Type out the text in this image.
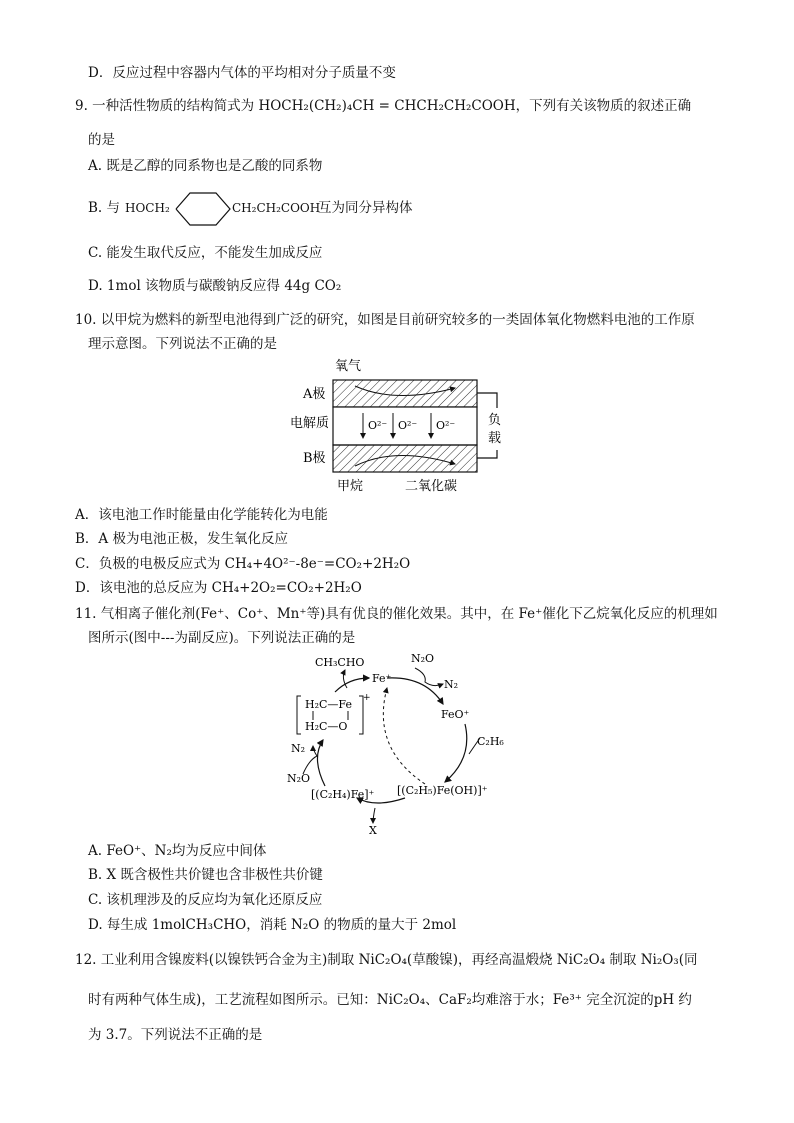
D．反应过程中容器内气体的平均相对分子质量不变
9. 一种活性物质的结构简式为 HOCH₂(CH₂)₄CH = CHCH₂CH₂COOH，下列有关该物质的叙述正确
的是
A. 既是乙醇的同系物也是乙酸的同系物
B. 与 HOCH₂	CH₂CH₂COOH
互为同分异构体
C. 能发生取代反应，不能发生加成反应
D. 1mol 该物质与碳酸钠反应得 44g CO₂
10. 以甲烷为燃料的新型电池得到广泛的研究，如图是目前研究较多的一类固体氧化物燃料电池的工作原
理示意图。下列说法不正确的是
氧气
A极
电解质
B极
O²⁻ O²⁻ O²⁻	负
载
甲烷	二氧化碳
A．该电池工作时能量由化学能转化为电能
B．A 极为电池正极，发生氧化反应
C．负极的电极反应式为 CH₄+4O²⁻-8e⁻=CO₂+2H₂O
D．该电池的总反应为 CH₄+2O₂=CO₂+2H₂O
11. 气相离子催化剂(Fe⁺、Co⁺、Mn⁺等)具有优良的催化效果。其中，在 Fe⁺催化下乙烷氧化反应的机理如
图所示(图中---为副反应)。下列说法正确的是
CH₃CHO
Fe⁺
N₂O
N₂
FeO⁺
C₂H₆
[(C₂H₅)Fe(OH)]⁺
[(C₂H₄)Fe]⁺
X
N₂O
N₂
H₂C—Fe
H₂C—O
+
A. FeO⁺、N₂均为反应中间体
B. X 既含极性共价键也含非极性共价键
C. 该机理涉及的反应均为氧化还原反应
D. 每生成 1molCH₃CHO，消耗 N₂O 的物质的量大于 2mol
12. 工业利用含镍废料(以镍铁钙合金为主)制取 NiC₂O₄(草酸镍)，再经高温煅烧 NiC₂O₄ 制取 Ni₂O₃(同
时有两种气体生成)，工艺流程如图所示。已知：NiC₂O₄、CaF₂均难溶于水；Fe³⁺ 完全沉淀的pH 约
为 3.7。下列说法不正确的是
